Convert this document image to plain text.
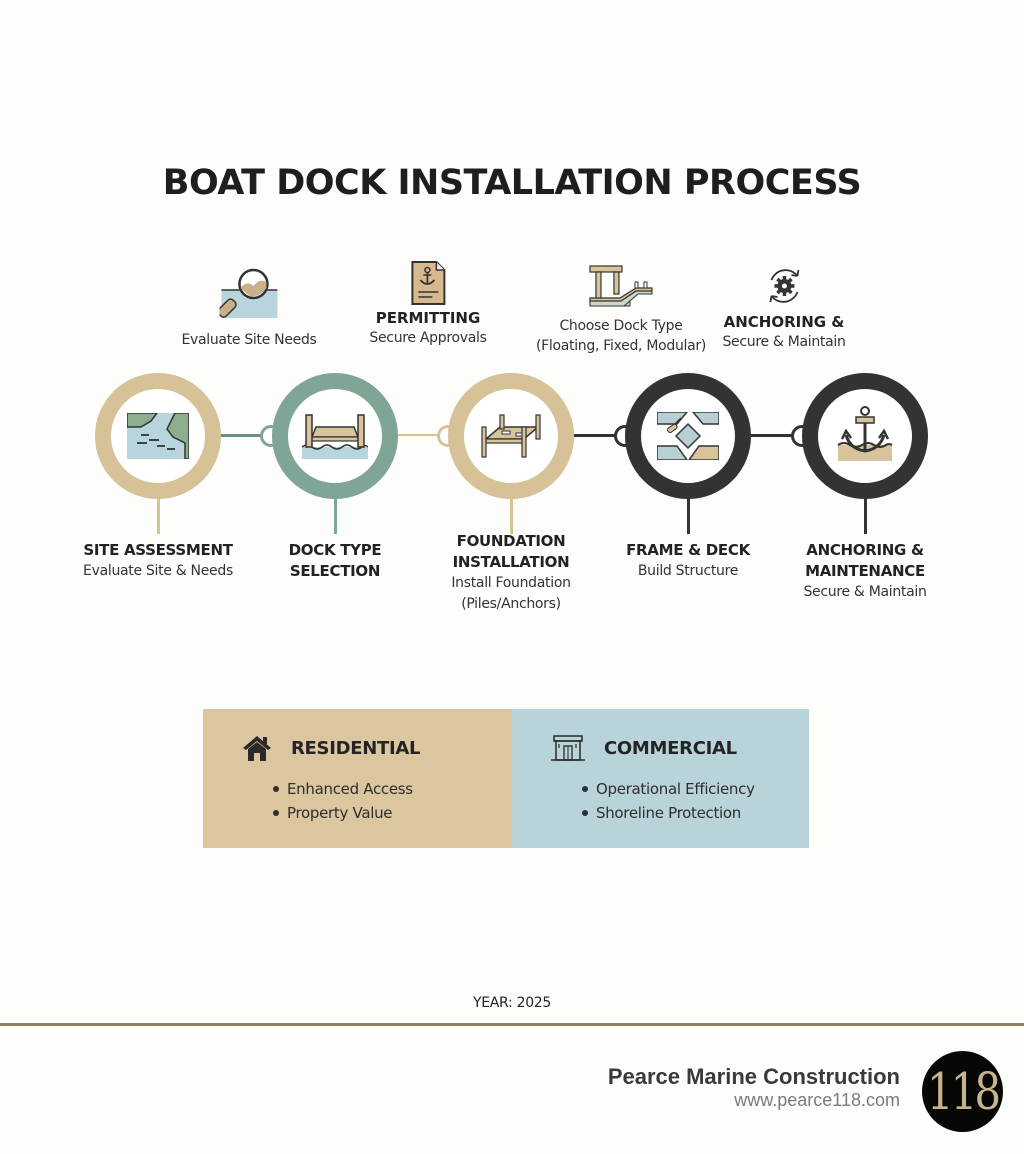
BOAT DOCK INSTALLATION PROCESS
Evaluate Site Needs
PERMITTING
Secure Approvals
Choose Dock Type
(Floating, Fixed, Modular)
ANCHORING &
Secure & Maintain
SITE ASSESSMENT
Evaluate Site & Needs
DOCK TYPE
SELECTION
FOUNDATION
INSTALLATION
Install Foundation
(Piles/Anchors)
FRAME & DECK
Build Structure
ANCHORING &
MAINTENANCE
Secure & Maintain
RESIDENTIAL
Enhanced Access
Property Value
COMMERCIAL
Operational Efficiency
Shoreline Protection
YEAR: 2025
Pearce Marine Construction
www.pearce118.com 118
